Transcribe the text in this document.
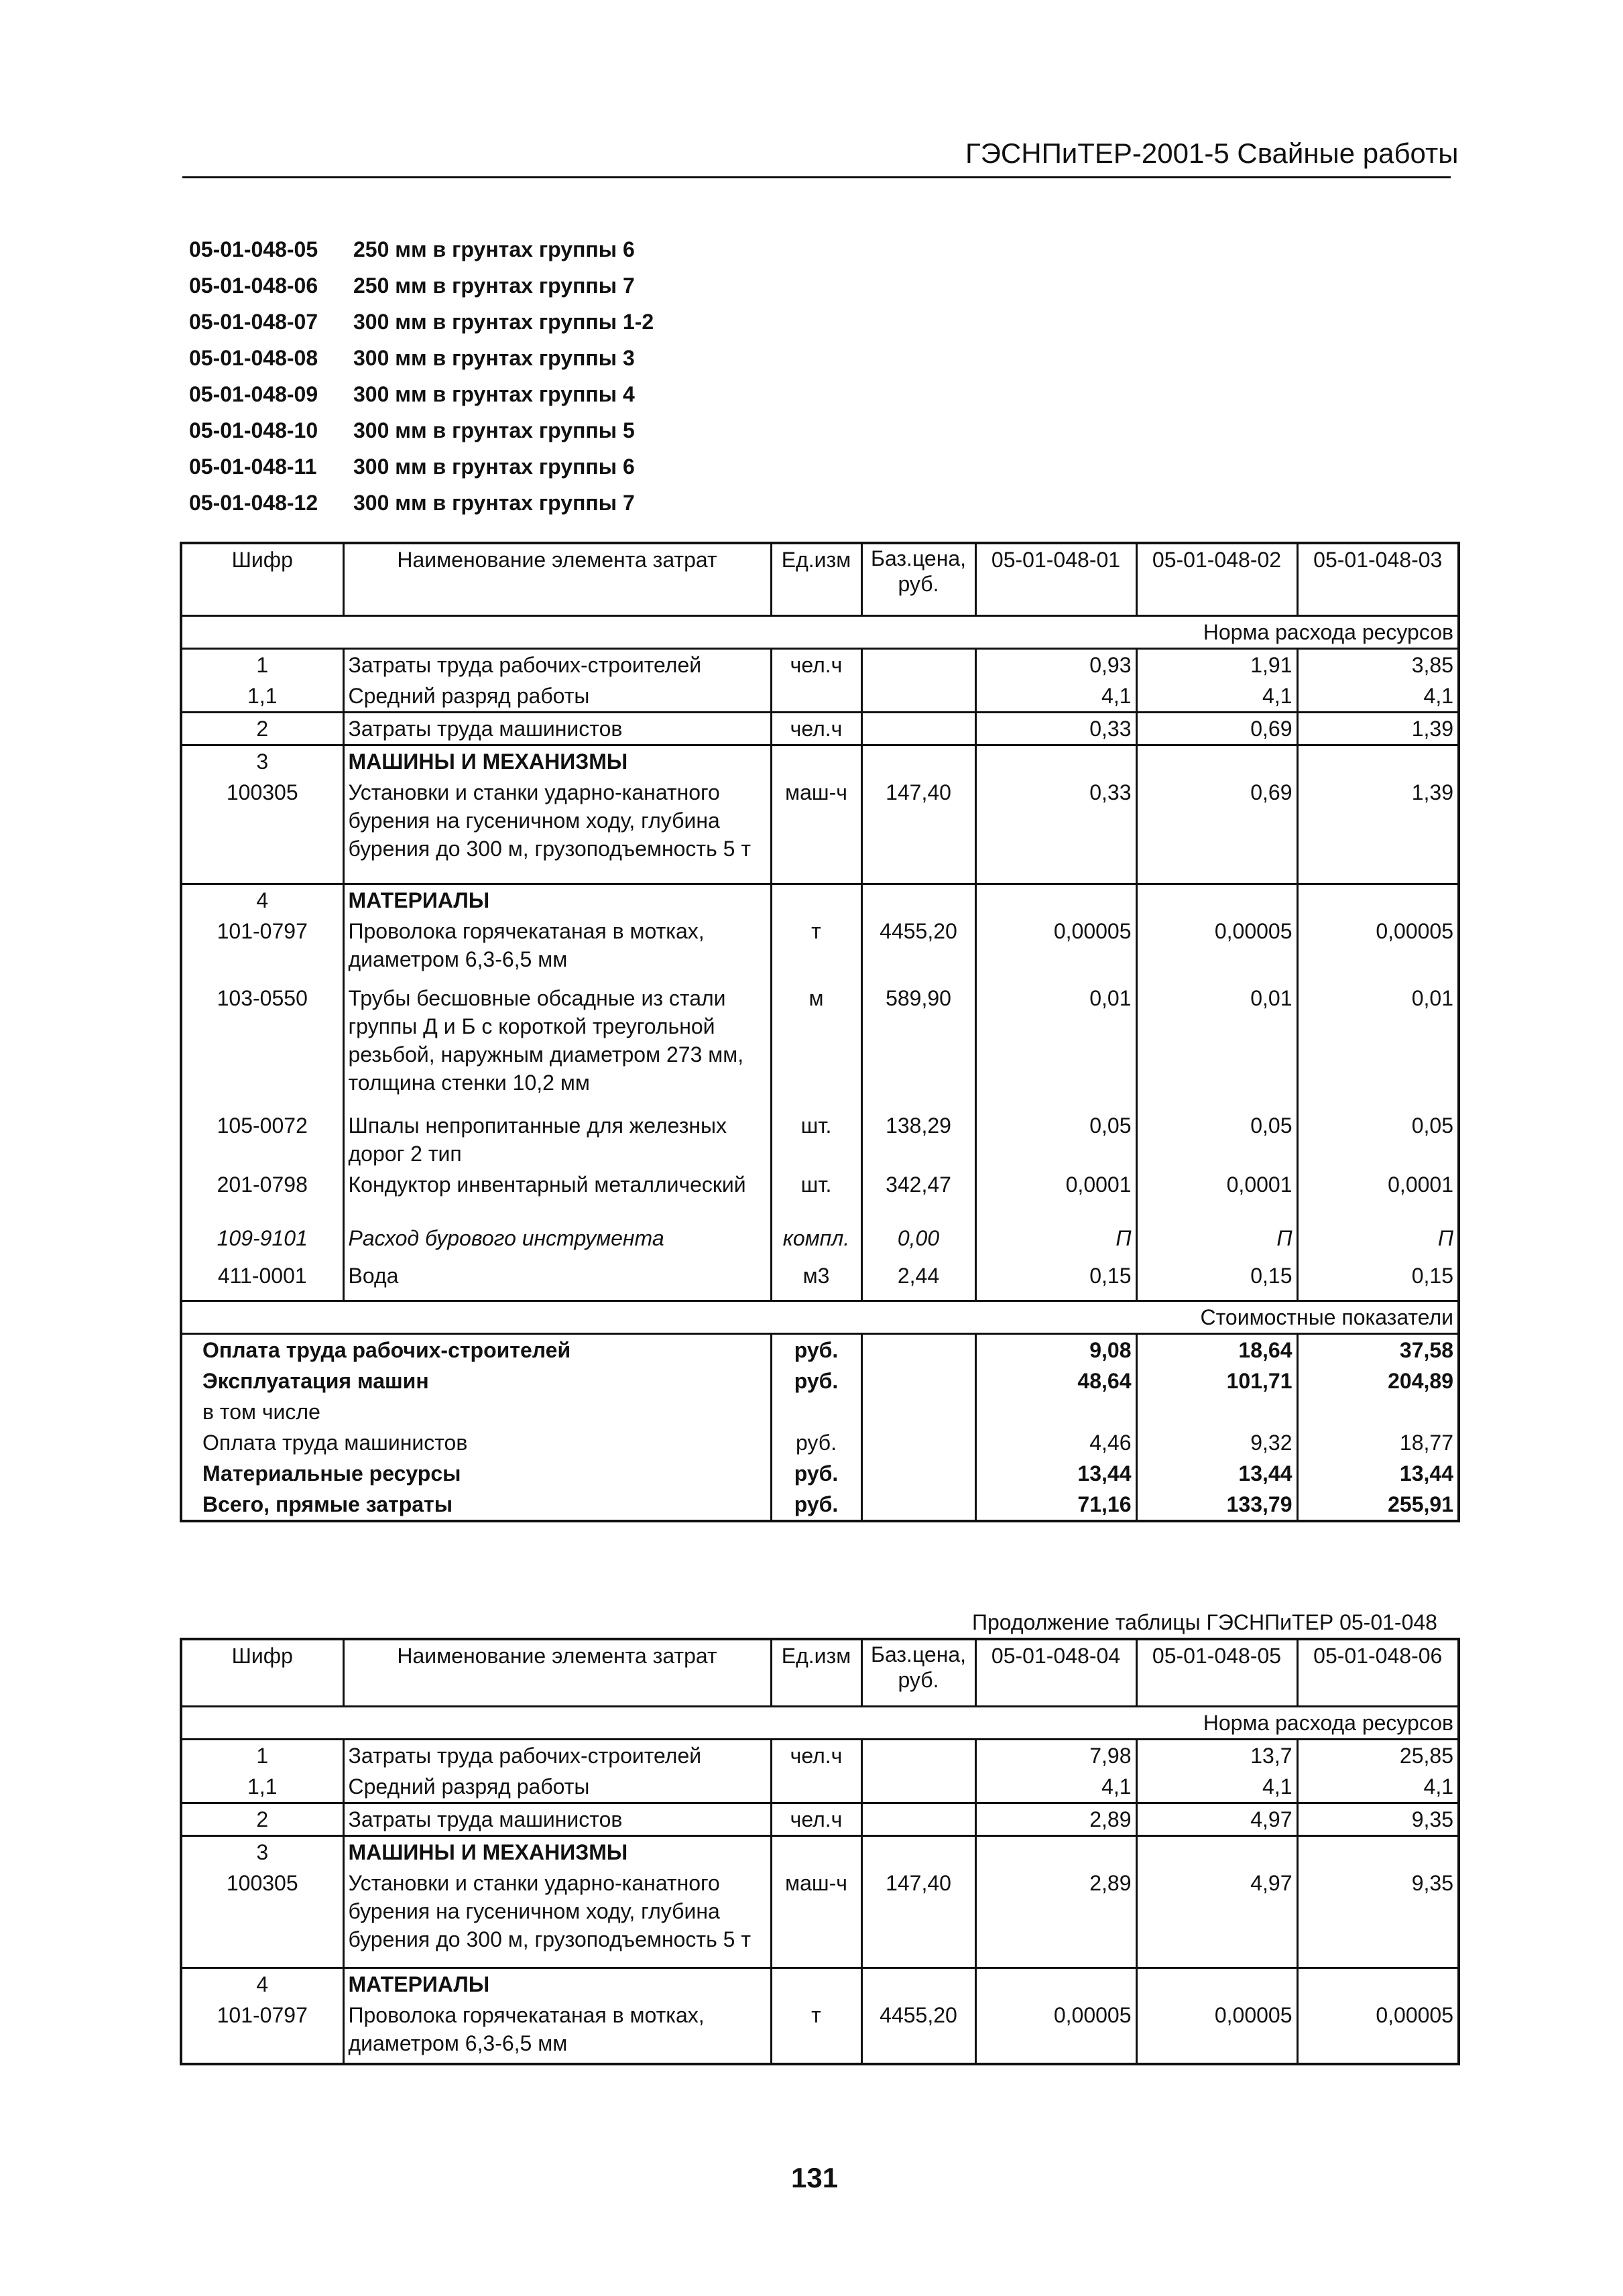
ГЭСНПиТЕР-2001-5 Свайные работы
05-01-048-05	250 мм в грунтах группы 6
05-01-048-06	250 мм в грунтах группы 7
05-01-048-07	300 мм в грунтах группы 1-2
05-01-048-08	300 мм в грунтах группы 3
05-01-048-09	300 мм в грунтах группы 4
05-01-048-10	300 мм в грунтах группы 5
05-01-048-11	300 мм в грунтах группы 6
05-01-048-12	300 мм в грунтах группы 7
Шифр	Наименование элемента затрат	Ед.изм	Баз.цена, руб.	05-01-048-01	05-01-048-02	05-01-048-03
Норма расхода ресурсов						
1	Затраты труда рабочих-строителей	чел.ч		0,93	1,91	3,85
1,1	Средний разряд работы			4,1	4,1	4,1
2	Затраты труда машинистов	чел.ч		0,33	0,69	1,39
3	МАШИНЫ И МЕХАНИЗМЫ					
100305	Установки и станки ударно-канатного бурения на гусеничном ходу, глубина бурения до 300 м, грузоподъемность 5 т	маш-ч	147,40	0,33	0,69	1,39
4	МАТЕРИАЛЫ					
101-0797	Проволока горячекатаная в мотках, диаметром 6,3-6,5 мм	т	4455,20	0,00005	0,00005	0,00005
103-0550	Трубы бесшовные обсадные из стали группы Д и Б с короткой треугольной резьбой, наружным диаметром 273 мм, толщина стенки 10,2 мм	м	589,90	0,01	0,01	0,01
105-0072	Шпалы непропитанные для железных дорог 2 тип	шт.	138,29	0,05	0,05	0,05
201-0798	Кондуктор инвентарный металлический	шт.	342,47	0,0001	0,0001	0,0001
109-9101	Расход бурового инструмента	компл.	0,00	П	П	П
411-0001	Вода	м3	2,44	0,15	0,15	0,15
Стоимостные показатели						
Оплата труда рабочих-строителей		руб.		9,08	18,64	37,58
Эксплуатация машин		руб.		48,64	101,71	204,89
в том числе						
Оплата труда машинистов		руб.		4,46	9,32	18,77
Материальные ресурсы		руб.		13,44	13,44	13,44
Всего, прямые затраты		руб.		71,16	133,79	255,91
Продолжение таблицы ГЭСНПиТЕР 05-01-048
Шифр	Наименование элемента затрат	Ед.изм	Баз.цена, руб.	05-01-048-04	05-01-048-05	05-01-048-06
Норма расхода ресурсов						
1	Затраты труда рабочих-строителей	чел.ч		7,98	13,7	25,85
1,1	Средний разряд работы			4,1	4,1	4,1
2	Затраты труда машинистов	чел.ч		2,89	4,97	9,35
3	МАШИНЫ И МЕХАНИЗМЫ					
100305	Установки и станки ударно-канатного бурения на гусеничном ходу, глубина бурения до 300 м, грузоподъемность 5 т	маш-ч	147,40	2,89	4,97	9,35
4	МАТЕРИАЛЫ					
101-0797	Проволока горячекатаная в мотках, диаметром 6,3-6,5 мм	т	4455,20	0,00005	0,00005	0,00005
131
